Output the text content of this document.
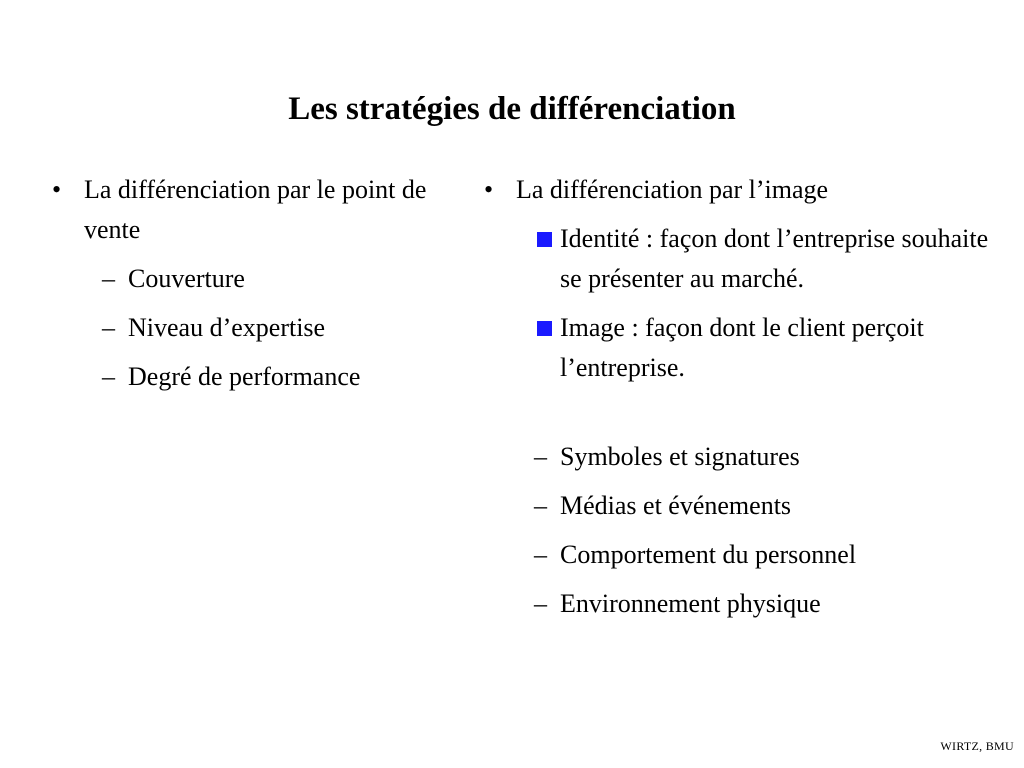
Les stratégies de différenciation
• La différenciation par le point de vente
– Couverture
– Niveau d’expertise
– Degré de performance
• La différenciation par l’image
Identité : façon dont l’entreprise souhaite se présenter au marché.
Image : façon dont le client perçoit l’entreprise.
– Symboles et signatures
– Médias et événements
– Comportement du personnel
– Environnement physique
WIRTZ, BMU
